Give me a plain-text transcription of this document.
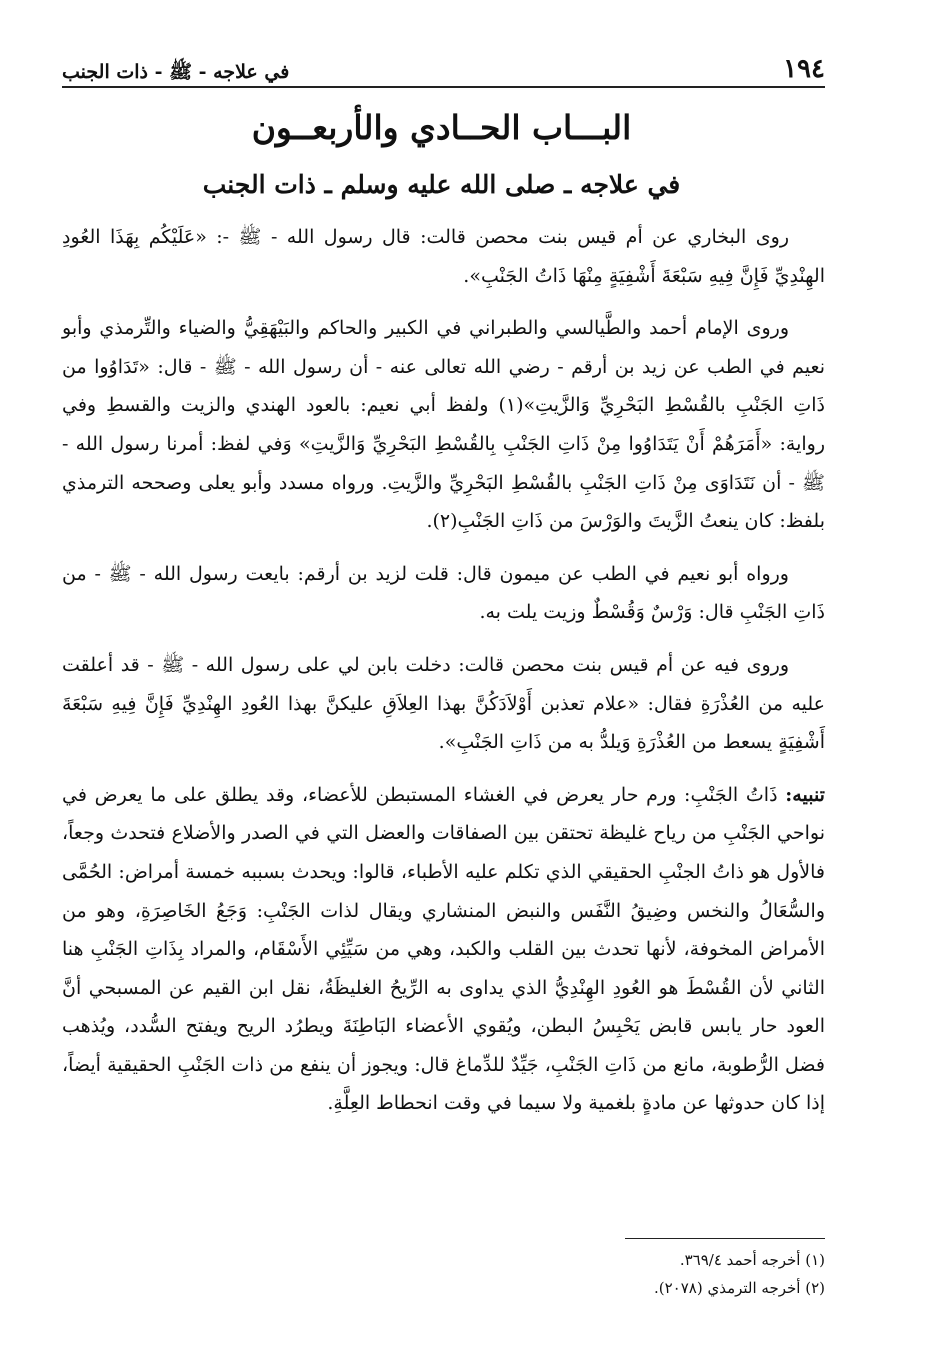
١٩٤
في علاجه - ﷺ - ذات الجنب
البـــاب الحــادي والأربعــون
في علاجه ـ صلى الله عليه وسلم ـ ذات الجنب

روى البخاري عن أم قيس بنت محصن قالت: قال رسول الله - ﷺ -: «عَلَيْكُم بِهَذَا العُودِ الهِنْدِيِّ فَإِنَّ فِيهِ سَبْعَةَ أَشْفِيَةٍ مِنْهَا ذَاتُ الجَنْبِ».

وروى الإمام أحمد والطَّيالسي والطبراني في الكبير والحاكم والبَيْهَقِيُّ والضياء والتِّرمذي وأبو نعيم في الطب عن زيد بن أرقم - رضي الله تعالى عنه - أن رسول الله - ﷺ - قال: «تَدَاوُوا من ذَاتِ الجَنْبِ بالقُسْطِ البَحْرِيِّ وَالزَّيتِ»(١) ولفظ أبي نعيم: بالعود الهندي والزيت والقسطِ وفي رواية: «أَمَرَهُمْ أَنْ يَتَدَاوُوا مِنْ ذَاتِ الجَنْبِ بِالقُسْطِ البَحْرِيِّ وَالزَّيتِ» وَفي لفظ: أمرنا رسول الله - ﷺ - أن نَتَدَاوَى مِنْ ذَاتِ الجَنْبِ بالقُسْطِ البَحْرِيِّ والزَّيتِ. ورواه مسدد وأبو يعلى وصححه الترمذي بلفظ: كان ينعتُ الزَّيتَ والوَرْسَ من ذَاتِ الجَنْبِ(٢).

ورواه أبو نعيم في الطب عن ميمون قال: قلت لزيد بن أرقم: بايعت رسول الله - ﷺ - من ذَاتِ الجَنْبِ قال: وَرْسٌ وَقُسْطٌ وزيت يلت به.

وروى فيه عن أم قيس بنت محصن قالت: دخلت بابن لي على رسول الله - ﷺ - قد أعلقت عليه من العُذْرَةِ فقال: «علام تعذبن أَوْلاَدَكُنَّ بهذا العِلاَقِ عليكنَّ بهذا العُودِ الهِنْدِيِّ فَإِنَّ فِيهِ سَبْعَةَ أَشْفِيَةٍ يسعط من العُذْرَةِ وَيلدُّ به من ذَاتِ الجَنْبِ».

تنبيه: ذَاتُ الجَنْبِ: ورم حار يعرض في الغشاء المستبطن للأعضاء، وقد يطلق على ما يعرض في نواحي الجَنْبِ من رياح غليظة تحتقن بين الصفاقات والعضل التي في الصدر والأضلاع فتحدث وجعاً، فالأول هو ذاتُ الجنْبِ الحقيقي الذي تكلم عليه الأطباء، قالوا: ويحدث بسببه خمسة أمراض: الحُمَّى والسُّعَالُ والنخس وضِيقُ النَّفَس والنبض المنشاري ويقال لذات الجَنْبِ: وَجَعُ الخَاصِرَةِ، وهو من الأمراض المخوفة، لأنها تحدث بين القلب والكبد، وهي من سَيِّئِي الأَسْقَام، والمراد بِذَاتِ الجَنْبِ هنا الثاني لأن القُسْطَ هو العُودِ الهِنْدِيُّ الذي يداوى به الرِّيحُ الغليظَةُ، نقل ابن القيم عن المسبحي أنَّ العود حار يابس قابض يَحْبِسُ البطن، ويُقوي الأعضاء البَاطِنَةَ ويطرُد الريح ويفتح السُّدد، ويُذهب فضل الرُّطوبة، مانع من ذَاتِ الجَنْبِ، جَيِّدٌ للدِّماغ قال: ويجوز أن ينفع من ذات الجَنْبِ الحقيقية أيضاً، إذا كان حدوثها عن مادةٍ بلغمية ولا سيما في وقت انحطاط العِلَّةِ.

(١) أخرجه أحمد ٣٦٩/٤.
(٢) أخرجه الترمذي (٢٠٧٨).
